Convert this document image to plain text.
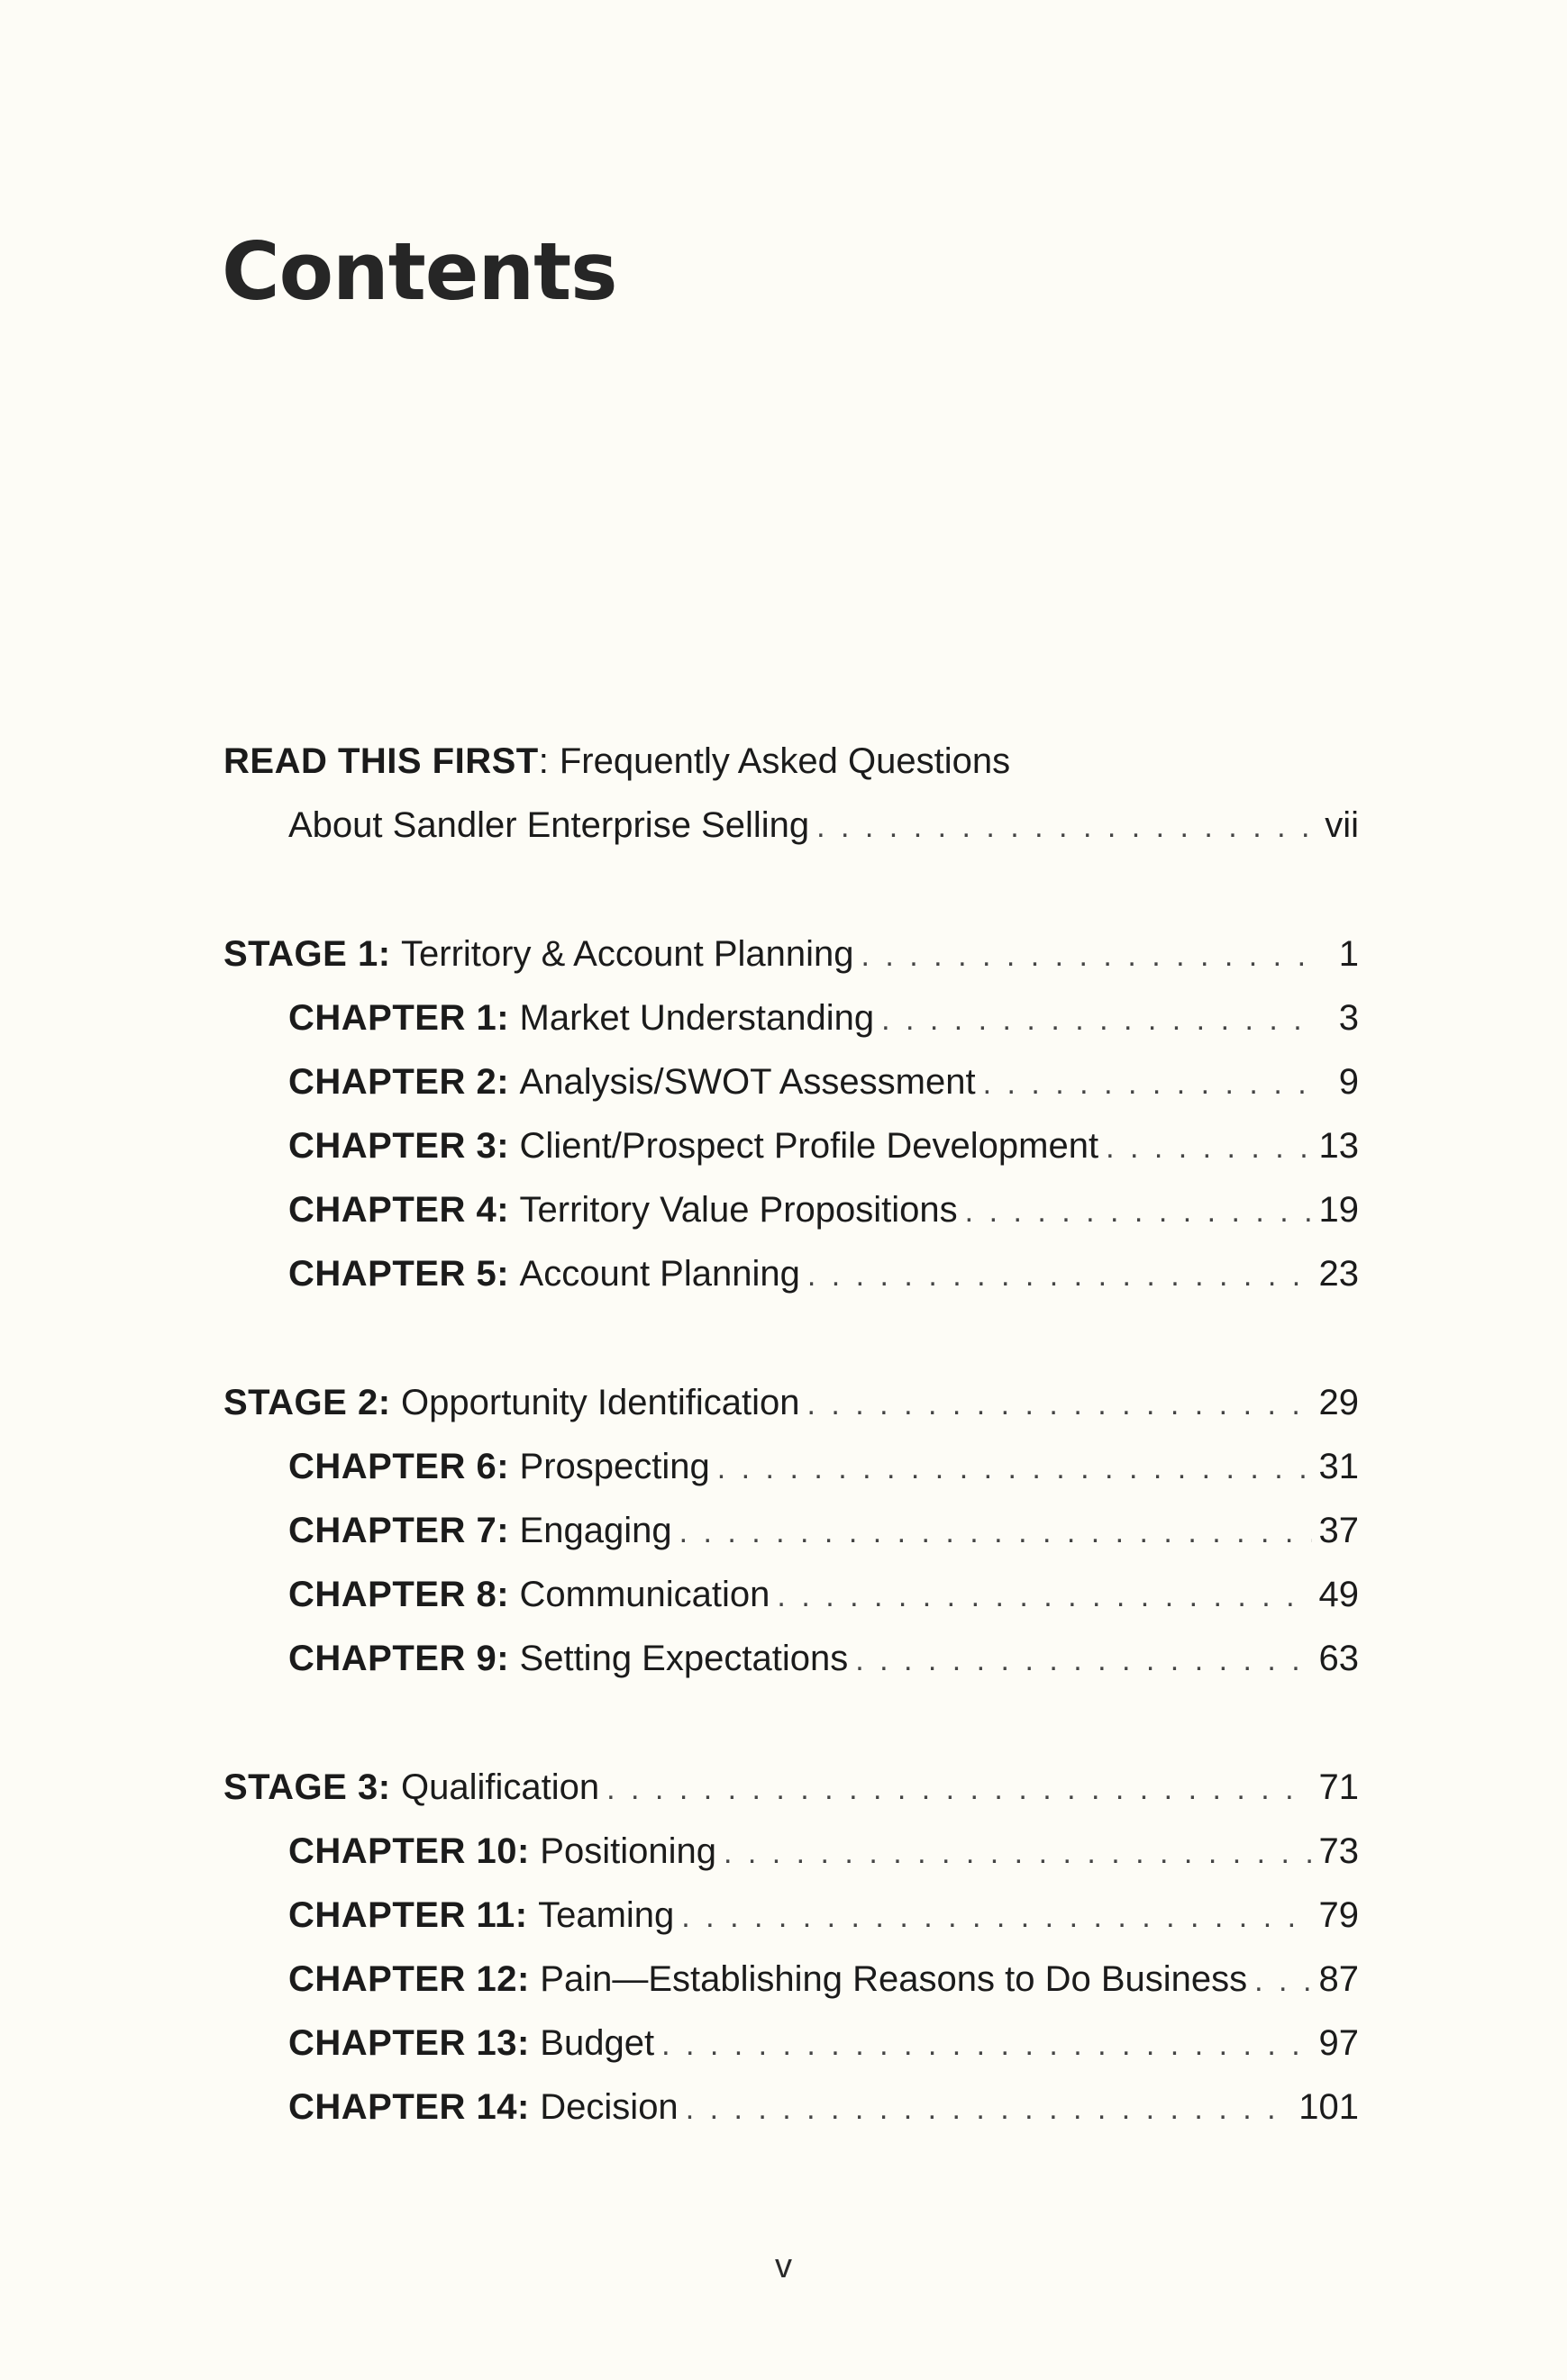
Contents
READ THIS FIRST: Frequently Asked Questions
About Sandler Enterprise Selling . . .	vii
STAGE 1 : Territory & Account Planning . . .	1
CHAPTER 1 : Market Understanding . . .	3
CHAPTER 2 : Analysis/SWOT Assessment . . .	9
CHAPTER 3 : Client/Prospect Profile Development . . .	13
CHAPTER 4 : Territory Value Propositions . . .	19
CHAPTER 5 : Account Planning . . .	23
STAGE 2 : Opportunity Identification . . .	29
CHAPTER 6 : Prospecting . . .	31
CHAPTER 7 : Engaging . . .	37
CHAPTER 8 : Communication . . .	49
CHAPTER 9 : Setting Expectations . . .	63
STAGE 3 : Qualification . . .	71
CHAPTER 10 : Positioning . . .	73
CHAPTER 11 : Teaming . . .	79
CHAPTER 12 : Pain—Establishing Reasons to Do Business . . . 87
CHAPTER 13 : Budget . . .	97
CHAPTER 14 : Decision . . .	101
v
